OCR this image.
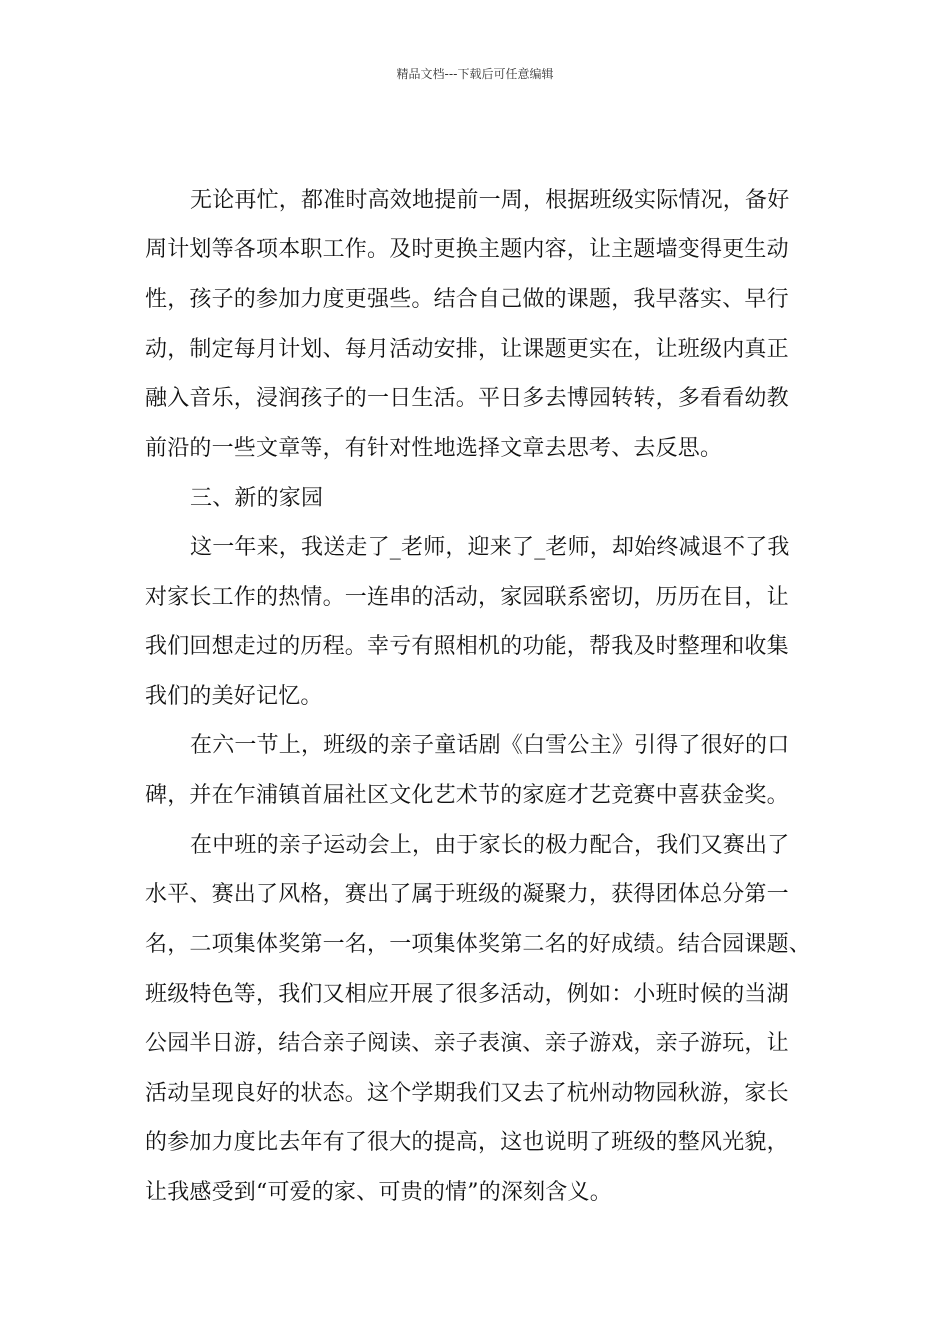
精品文档---下载后可任意编辑
无论再忙，都准时高效地提前一周，根据班级实际情况，备好
周计划等各项本职工作。及时更换主题内容，让主题墙变得更生动
性，孩子的参加力度更强些。结合自己做的课题，我早落实、早行
动，制定每月计划、每月活动安排，让课题更实在，让班级内真正
融入音乐，浸润孩子的一日生活。平日多去博园转转，多看看幼教
前沿的一些文章等，有针对性地选择文章去思考、去反思。
三、新的家园
这一年来，我送走了_老师，迎来了_老师，却始终减退不了我
对家长工作的热情。一连串的活动，家园联系密切，历历在目，让
我们回想走过的历程。幸亏有照相机的功能，帮我及时整理和收集
我们的美好记忆。
在六一节上，班级的亲子童话剧《白雪公主》引得了很好的口
碑，并在乍浦镇首届社区文化艺术节的家庭才艺竞赛中喜获金奖。
在中班的亲子运动会上，由于家长的极力配合，我们又赛出了
水平、赛出了风格，赛出了属于班级的凝聚力，获得团体总分第一
名，二项集体奖第一名，一项集体奖第二名的好成绩。结合园课题、
班级特色等，我们又相应开展了很多活动，例如：小班时候的当湖
公园半日游，结合亲子阅读、亲子表演、亲子游戏，亲子游玩，让
活动呈现良好的状态。这个学期我们又去了杭州动物园秋游，家长
的参加力度比去年有了很大的提高，这也说明了班级的整风光貌，
让我感受到“可爱的家、可贵的情”的深刻含义。
